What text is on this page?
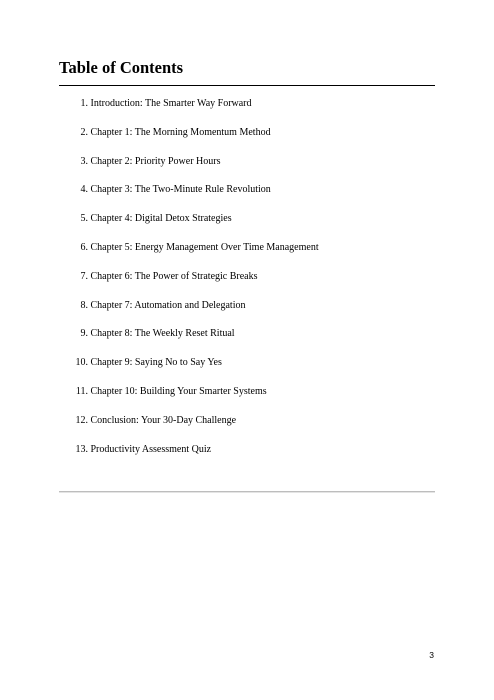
Table of Contents
1. Introduction: The Smarter Way Forward
2. Chapter 1: The Morning Momentum Method
3. Chapter 2: Priority Power Hours
4. Chapter 3: The Two-Minute Rule Revolution
5. Chapter 4: Digital Detox Strategies
6. Chapter 5: Energy Management Over Time Management
7. Chapter 6: The Power of Strategic Breaks
8. Chapter 7: Automation and Delegation
9. Chapter 8: The Weekly Reset Ritual
10. Chapter 9: Saying No to Say Yes
11. Chapter 10: Building Your Smarter Systems
12. Conclusion: Your 30-Day Challenge
13. Productivity Assessment Quiz
3
